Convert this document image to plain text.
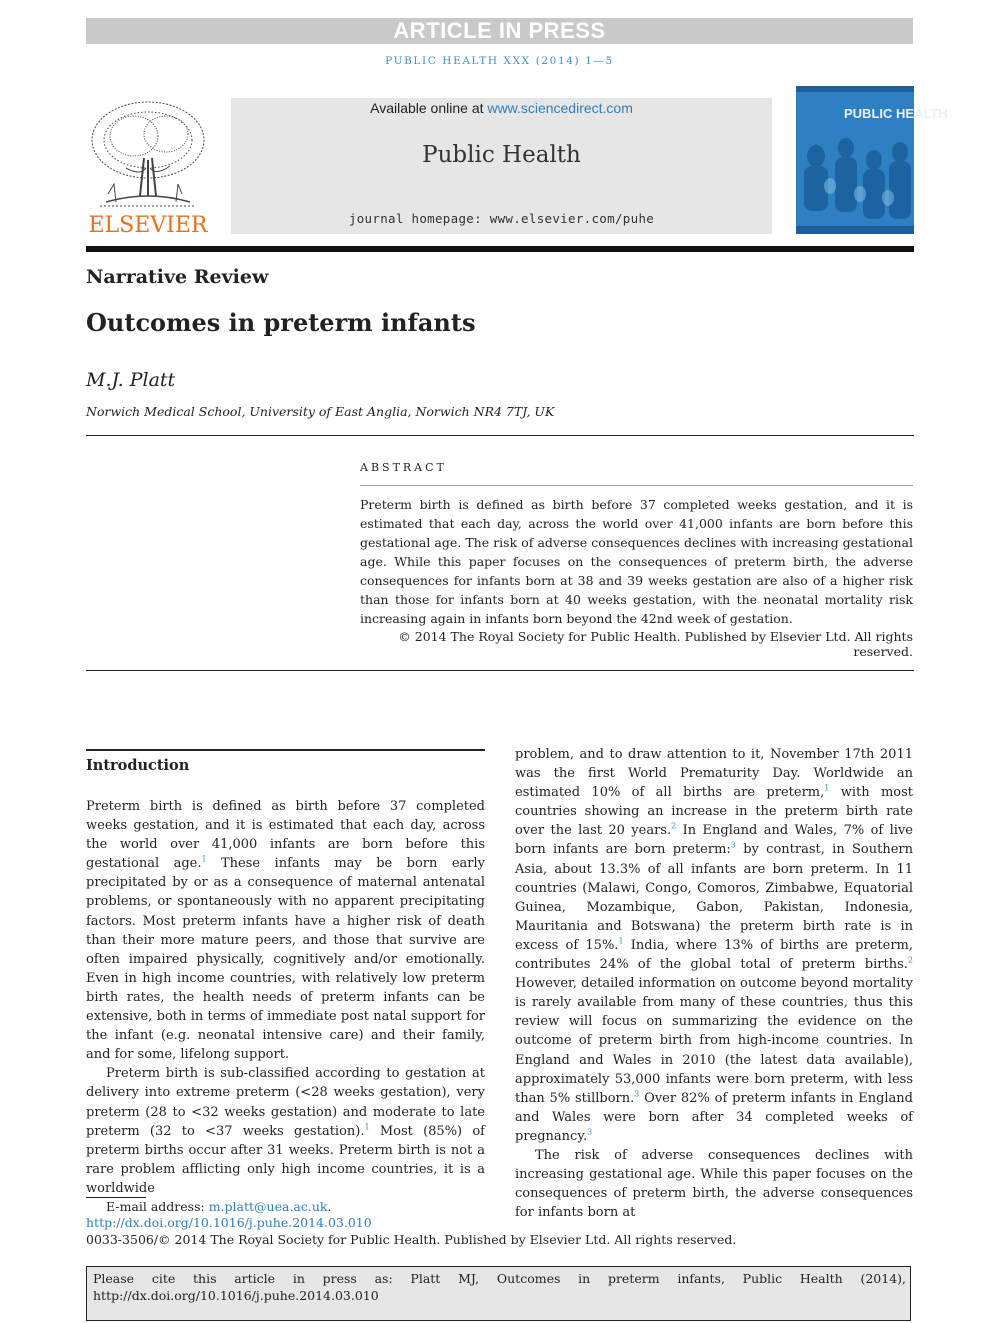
ARTICLE IN PRESS
PUBLIC HEALTH XXX (2014) 1—5
ELSEVIER
Available online at www.sciencedirect.com
Public Health
journal homepage: www.elsevier.com/puhe
PUBLIC HEALTH
Narrative Review
Outcomes in preterm infants
M.J. Platt
Norwich Medical School, University of East Anglia, Norwich NR4 7TJ, UK
ABSTRACT
Preterm birth is defined as birth before 37 completed weeks gestation, and it is estimated that each day, across the world over 41,000 infants are born before this gestational age. The risk of adverse consequences declines with increasing gestational age. While this paper focuses on the consequences of preterm birth, the adverse consequences for infants born at 38 and 39 weeks gestation are also of a higher risk than those for infants born at 40 weeks gestation, with the neonatal mortality risk increasing again in infants born beyond the 42nd week of gestation.
© 2014 The Royal Society for Public Health. Published by Elsevier Ltd. All rights reserved.
Introduction

Preterm birth is defined as birth before 37 completed weeks gestation, and it is estimated that each day, across the world over 41,000 infants are born before this gestational age.$^1$ These infants may be born early precipitated by or as a consequence of maternal antenatal problems, or spontaneously with no apparent precipitating factors. Most preterm infants have a higher risk of death than their more mature peers, and those that survive are often impaired physically, cognitively and/or emotionally. Even in high income countries, with relatively low preterm birth rates, the health needs of preterm infants can be extensive, both in terms of immediate post natal support for the infant (e.g. neonatal intensive care) and their family, and for some, lifelong support.

Preterm birth is sub-classified according to gestation at delivery into extreme preterm (<28 weeks gestation), very preterm (28 to <32 weeks gestation) and moderate to late preterm (32 to <37 weeks gestation).$^1$ Most (85%) of preterm births occur after 31 weeks. Preterm birth is not a rare problem afflicting only high income countries, it is a worldwide

problem, and to draw attention to it, November 17th 2011 was the first World Prematurity Day. Worldwide an estimated 10% of all births are preterm,$^1$ with most countries showing an increase in the preterm birth rate over the last 20 years.$^2$ In England and Wales, 7% of live born infants are born preterm:$^3$ by contrast, in Southern Asia, about 13.3% of all infants are born preterm. In 11 countries (Malawi, Congo, Comoros, Zimbabwe, Equatorial Guinea, Mozambique, Gabon, Pakistan, Indonesia, Mauritania and Botswana) the preterm birth rate is in excess of 15%.$^1$ India, where 13% of births are preterm, contributes 24% of the global total of preterm births.$^2$ However, detailed information on outcome beyond mortality is rarely available from many of these countries, thus this review will focus on summarizing the evidence on the outcome of preterm birth from high-income countries. In England and Wales in 2010 (the latest data available), approximately 53,000 infants were born preterm, with less than 5% stillborn.$^3$ Over 82% of preterm infants in England and Wales were born after 34 completed weeks of pregnancy.$^3$

The risk of adverse consequences declines with increasing gestational age. While this paper focuses on the consequences of preterm birth, the adverse consequences for infants born at

E-mail address: m.platt@uea.ac.uk.
http://dx.doi.org/10.1016/j.puhe.2014.03.010
0033-3506/© 2014 The Royal Society for Public Health. Published by Elsevier Ltd. All rights reserved.
Please cite this article in press as: Platt MJ, Outcomes in preterm infants, Public Health (2014), http://dx.doi.org/10.1016/j.puhe.2014.03.010
